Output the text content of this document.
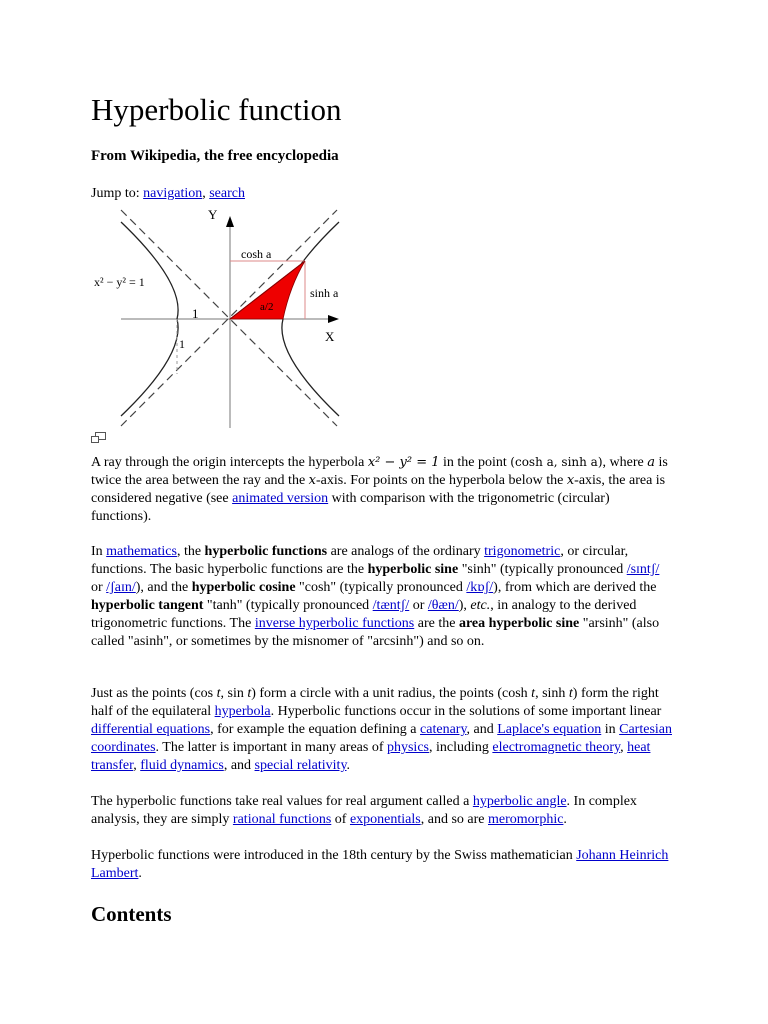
Hyperbolic function

From Wikipedia, the free encyclopedia

Jump to: navigation, search
Y
X
cosh a
sinh a
a/2
x² − y² = 1
1
1

A ray through the origin intercepts the hyperbola x² − y² = 1 in the point (cosh a, sinh a), where a is twice the area between the ray and the x-axis. For points on the hyperbola below the x-axis, the area is considered negative (see animated version with comparison with the trigonometric (circular) functions).

In mathematics, the hyperbolic functions are analogs of the ordinary trigonometric, or circular, functions. The basic hyperbolic functions are the hyperbolic sine "sinh" (typically pronounced /sɪntʃ/ or /ʃaɪn/), and the hyperbolic cosine "cosh" (typically pronounced /kɒʃ/), from which are derived the hyperbolic tangent "tanh" (typically pronounced /tæntʃ/ or /θæn/), etc., in analogy to the derived trigonometric functions. The inverse hyperbolic functions are the area hyperbolic sine "arsinh" (also called "asinh", or sometimes by the misnomer of "arcsinh") and so on.

Just as the points (cos t, sin t) form a circle with a unit radius, the points (cosh t, sinh t) form the right half of the equilateral hyperbola. Hyperbolic functions occur in the solutions of some important linear differential equations, for example the equation defining a catenary, and Laplace's equation in Cartesian coordinates. The latter is important in many areas of physics, including electromagnetic theory, heat transfer, fluid dynamics, and special relativity.

The hyperbolic functions take real values for real argument called a hyperbolic angle. In complex analysis, they are simply rational functions of exponentials, and so are meromorphic.

Hyperbolic functions were introduced in the 18th century by the Swiss mathematician Johann Heinrich Lambert.

Contents
